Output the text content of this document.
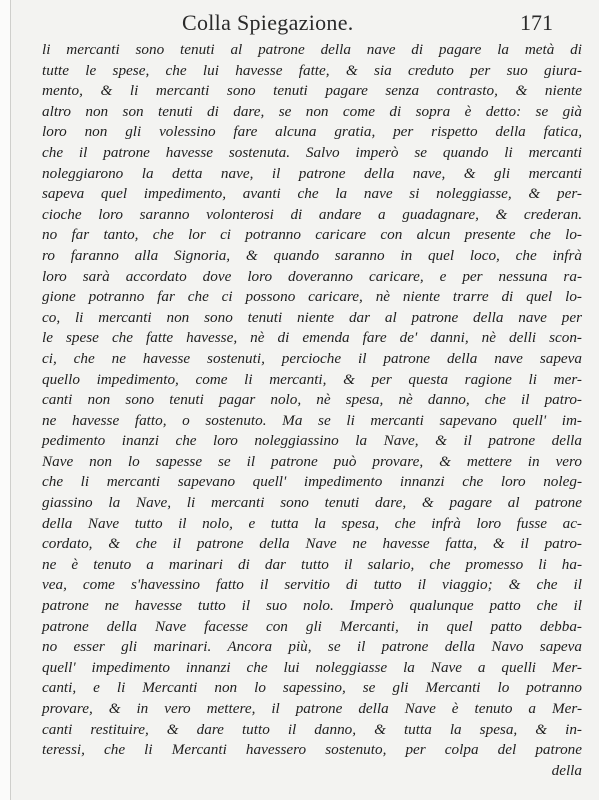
Colla Spiegazione.	171
li mercanti sono tenuti al patrone della nave di pagare la metà di
tutte le spese, che lui havesse fatte, & sia creduto per suo giura-
mento, & li mercanti sono tenuti pagare senza contrasto, & niente
altro non son tenuti di dare, se non come di sopra è detto: se già
loro non gli volessino fare alcuna gratia, per rispetto della fatica,
che il patrone havesse sostenuta. Salvo imperò se quando li mercanti
noleggiarono la detta nave, il patrone della nave, & gli mercanti
sapeva quel impedimento, avanti che la nave si noleggiasse, & per-
cioche loro saranno volonterosi di andare a guadagnare, & crederan.
no far tanto, che lor ci potranno caricare con alcun presente che lo-
ro faranno alla Signoria, & quando saranno in quel loco, che infrà
loro sarà accordato dove loro doveranno caricare, e per nessuna ra-
gione potranno far che ci possono caricare, nè niente trarre di quel lo-
co, li mercanti non sono tenuti niente dar al patrone della nave per
le spese che fatte havesse, nè di emenda fare de' danni, nè delli scon-
ci, che ne havesse sostenuti, percioche il patrone della nave sapeva
quello impedimento, come li mercanti, & per questa ragione li mer-
canti non sono tenuti pagar nolo, nè spesa, nè danno, che il patro-
ne havesse fatto, o sostenuto. Ma se li mercanti sapevano quell' im-
pedimento inanzi che loro noleggiassino la Nave, & il patrone della
Nave non lo sapesse se il patrone può provare, & mettere in vero
che li mercanti sapevano quell' impedimento innanzi che loro noleg-
giassino la Nave, li mercanti sono tenuti dare, & pagare al patrone
della Nave tutto il nolo, e tutta la spesa, che infrà loro fusse ac-
cordato, & che il patrone della Nave ne havesse fatta, & il patro-
ne è tenuto a marinari di dar tutto il salario, che promesso li ha-
vea, come s'havessino fatto il servitio di tutto il viaggio; & che il
patrone ne havesse tutto il suo nolo. Imperò qualunque patto che il
patrone della Nave facesse con gli Mercanti, in quel patto debba-
no esser gli marinari. Ancora più, se il patrone della Navo sapeva
quell' impedimento innanzi che lui noleggiasse la Nave a quelli Mer-
canti, e li Mercanti non lo sapessino, se gli Mercanti lo potranno
provare, & in vero mettere, il patrone della Nave è tenuto a Mer-
canti restituire, & dare tutto il danno, & tutta la spesa, & in-
teressi, che li Mercanti havessero sostenuto, per colpa del patrone
della
